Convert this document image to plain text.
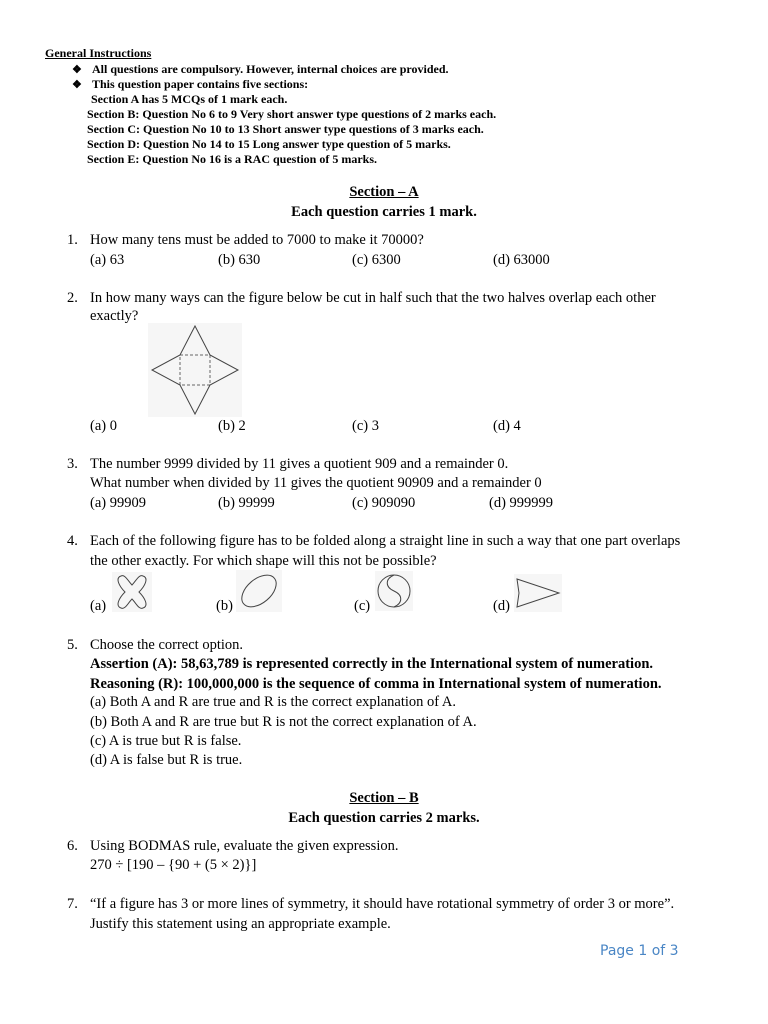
General Instructions
❖ All questions are compulsory. However, internal choices are provided.
❖ This question paper contains five sections:
Section A has 5 MCQs of 1 mark each.
Section B: Question No 6 to 9 Very short answer type questions of 2 marks each.
Section C: Question No 10 to 13 Short answer type questions of 3 marks each.
Section D: Question No 14 to 15 Long answer type question of 5 marks.
Section E: Question No 16 is a RAC question of 5 marks.
Section – A
Each question carries 1 mark.
1. How many tens must be added to 7000 to make it 70000?
(a) 63	(b) 630	(c) 6300	(d) 63000
2. In how many ways can the figure below be cut in half such that the two halves overlap each other
exactly?
(a) 0	(b) 2	(c) 3	(d) 4
3. The number 9999 divided by 11 gives a quotient 909 and a remainder 0.
What number when divided by 11 gives the quotient 90909 and a remainder 0
(a) 99909	(b) 99999	(c) 909090	(d) 999999
4. Each of the following figure has to be folded along a straight line in such a way that one part overlaps
the other exactly. For which shape will this not be possible?
(a)	(b)	(c)	(d)
5. Choose the correct option.
Assertion (A): 58,63,789 is represented correctly in the International system of numeration.
Reasoning (R): 100,000,000 is the sequence of comma in International system of numeration.
(a) Both A and R are true and R is the correct explanation of A.
(b) Both A and R are true but R is not the correct explanation of A.
(c) A is true but R is false.
(d) A is false but R is true.
Section – B
Each question carries 2 marks.
6. Using BODMAS rule, evaluate the given expression.
270 ÷ [190 – {90 + (5 × 2)}]
7. “If a figure has 3 or more lines of symmetry, it should have rotational symmetry of order 3 or more”.
Justify this statement using an appropriate example.
Page 1 of 3
